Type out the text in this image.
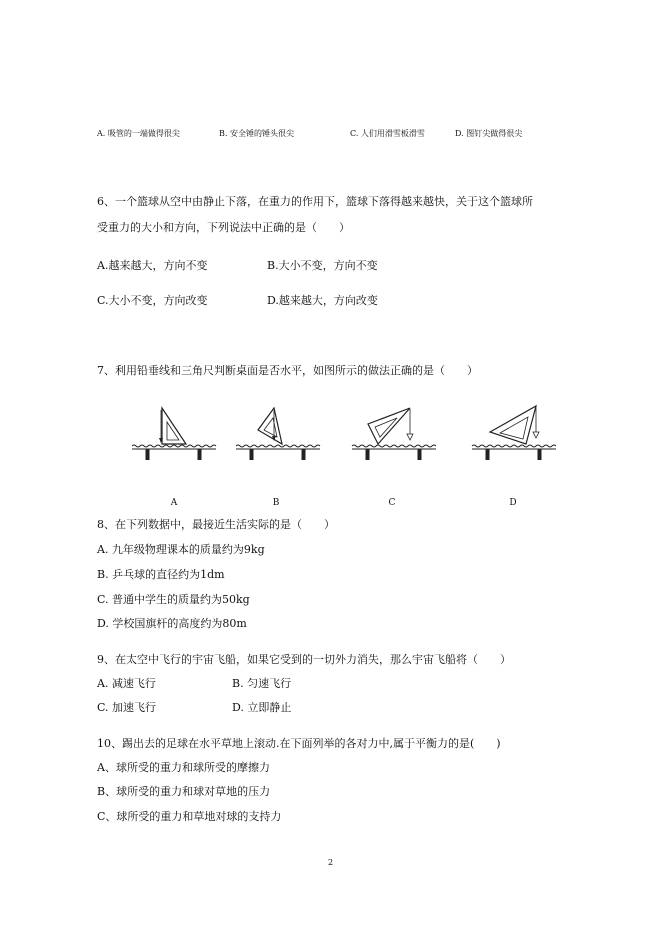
A. 吸管的一端做得很尖	B. 安全锤的锤头很尖	C. 人们用滑雪板滑雪	D. 图钉尖做得很尖
6、一个篮球从空中由静止下落，在重力的作用下，篮球下落得越来越快，关于这个篮球所
受重力的大小和方向，下列说法中正确的是（　　）
A.越来越大，方向不变	B.大小不变，方向不变
C.大小不变，方向改变	D.越来越大，方向改变
7、利用铅垂线和三角尺判断桌面是否水平，如图所示的做法正确的是（　　）
A	B	C	D
8、在下列数据中，最接近生活实际的是（　　）
A. 九年级物理课本的质量约为9kg
B. 乒乓球的直径约为1dm
C. 普通中学生的质量约为50kg
D. 学校国旗杆的高度约为80m
9、在太空中飞行的宇宙飞船，如果它受到的一切外力消失，那么宇宙飞船将（　　）
A. 减速飞行	B. 匀速飞行
C. 加速飞行	D. 立即静止
10、踢出去的足球在水平草地上滚动.在下面列举的各对力中,属于平衡力的是(　　)
A、球所受的重力和球所受的摩擦力
B、球所受的重力和球对草地的压力
C、球所受的重力和草地对球的支持力
2
